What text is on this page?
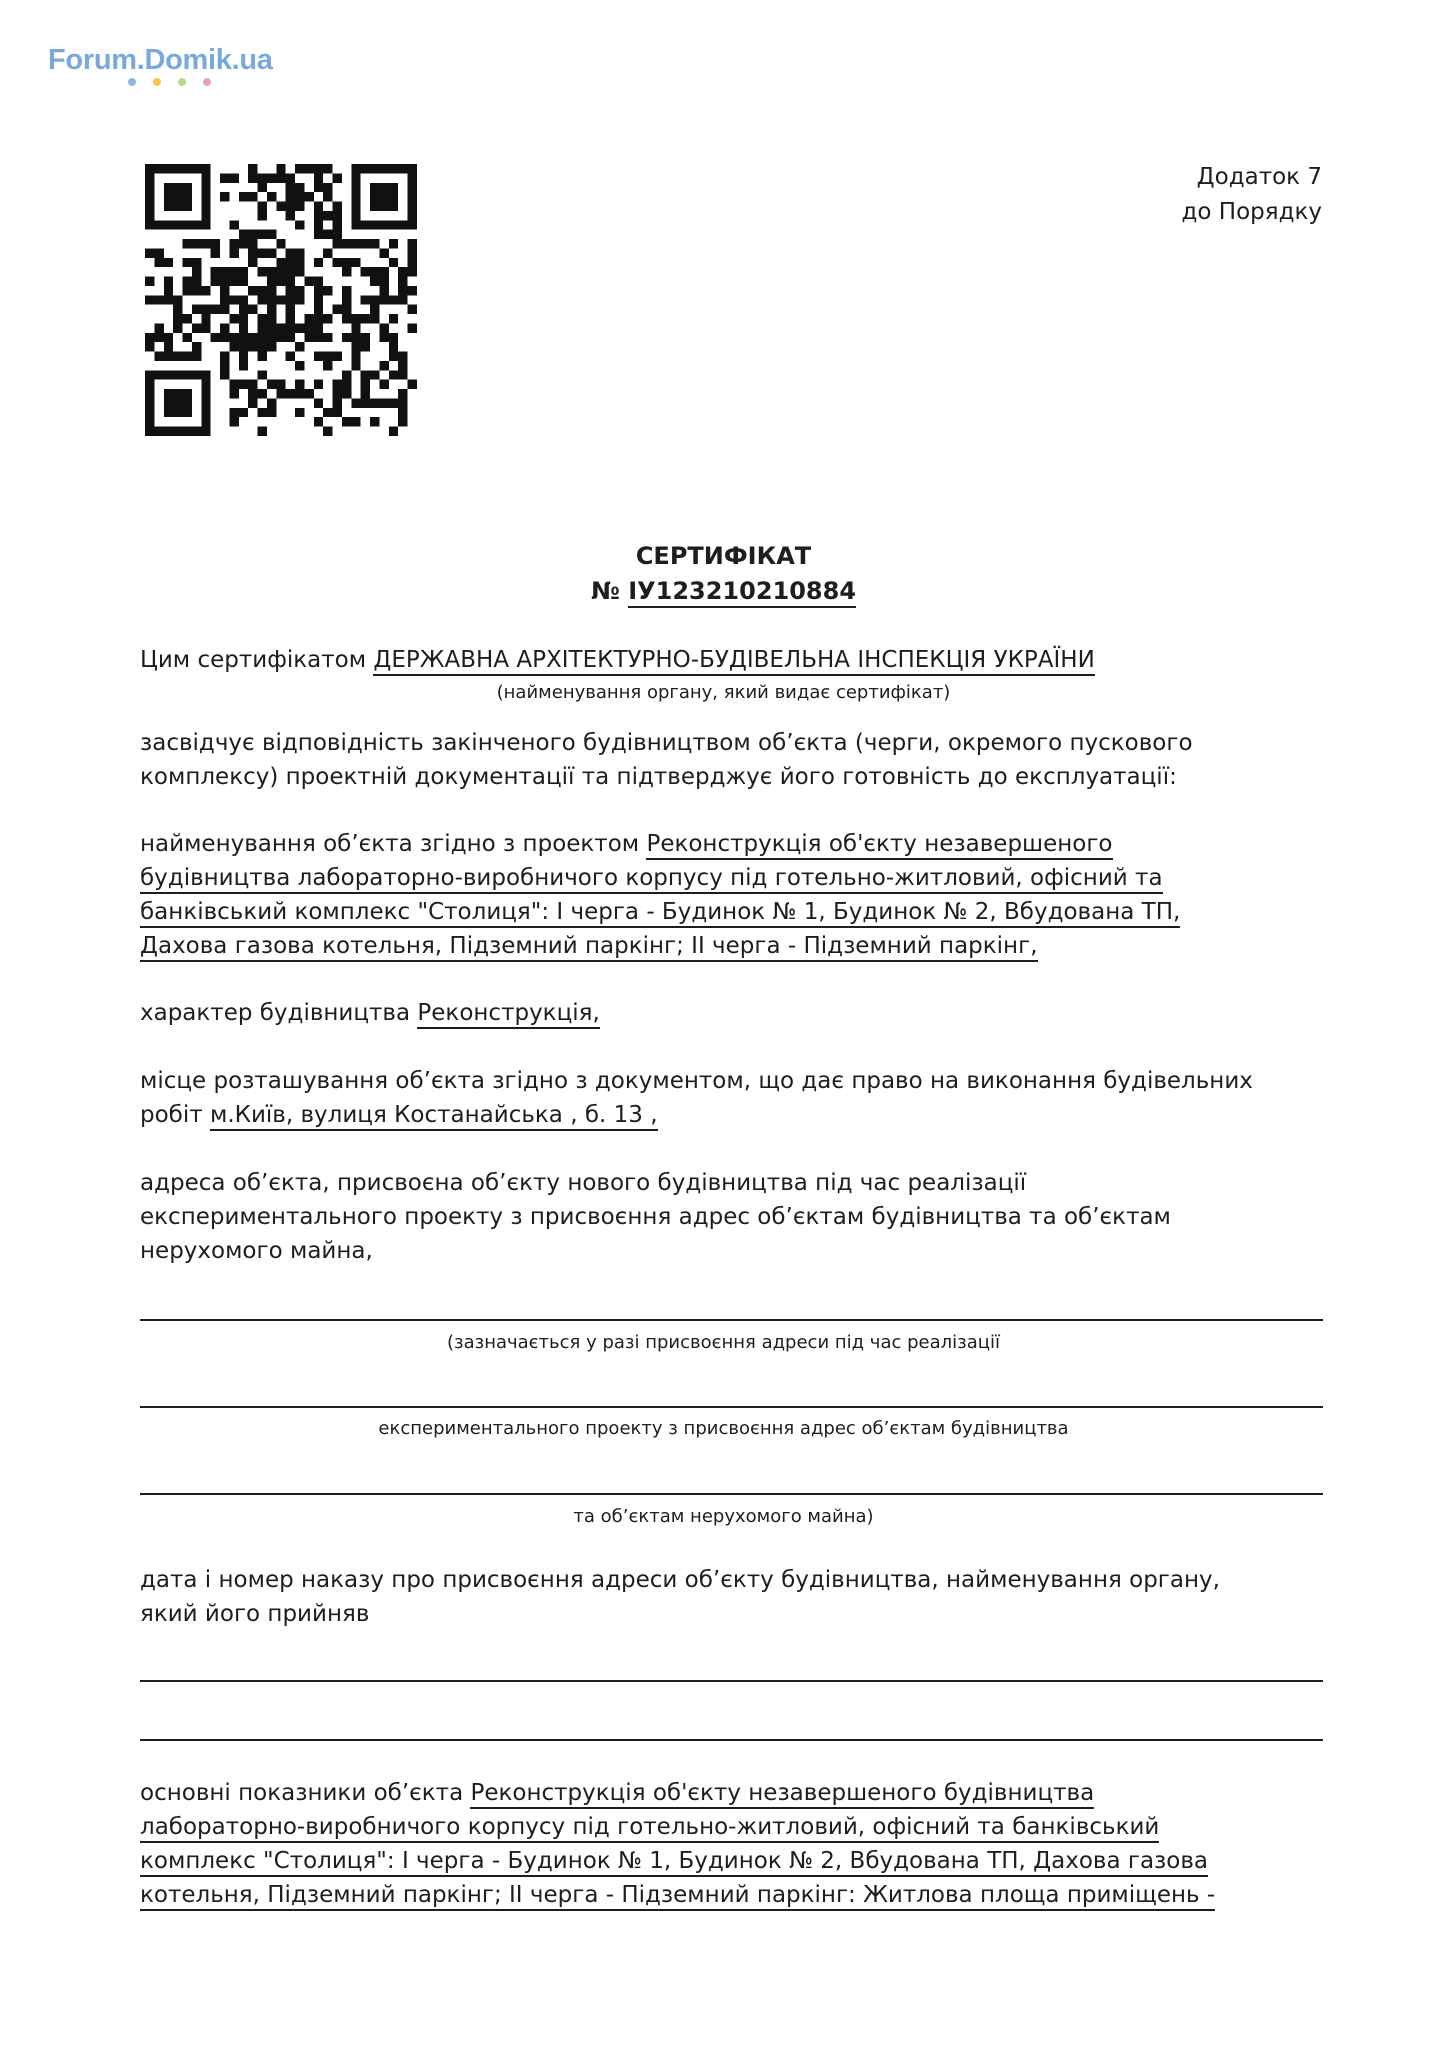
Forum.Domik.ua
Додаток 7
до Порядку
СЕРТИФІКАТ
№ ІУ123210210884
Цим сертифікатом ДЕРЖАВНА АРХІТЕКТУРНО-БУДІВЕЛЬНА ІНСПЕКЦІЯ УКРАЇНИ
(найменування органу, який видає сертифікат)
засвідчує відповідність закінченого будівництвом об’єкта (черги, окремого пускового
комплексу) проектній документації та підтверджує його готовність до експлуатації:
найменування об’єкта згідно з проектом Реконструкція об'єкту незавершеного
будівництва лабораторно-виробничого корпусу під готельно-житловий, офісний та
банківський комплекс "Столиця": І черга - Будинок № 1, Будинок № 2, Вбудована ТП,
Дахова газова котельня, Підземний паркінг; ІІ черга - Підземний паркінг,
характер будівництва Реконструкція,
місце розташування об’єкта згідно з документом, що дає право на виконання будівельних
робіт м.Київ, вулиця Костанайська , б. 13 ,
адреса об’єкта, присвоєна об’єкту нового будівництва під час реалізації
експериментального проекту з присвоєння адрес об’єктам будівництва та об’єктам
нерухомого майна,
(зазначається у разі присвоєння адреси під час реалізації
експериментального проекту з присвоєння адрес об’єктам будівництва
та об’єктам нерухомого майна)
дата і номер наказу про присвоєння адреси об’єкту будівництва, найменування органу,
який його прийняв
основні показники об’єкта Реконструкція об'єкту незавершеного будівництва
лабораторно-виробничого корпусу під готельно-житловий, офісний та банківський
комплекс "Столиця": І черга - Будинок № 1, Будинок № 2, Вбудована ТП, Дахова газова
котельня, Підземний паркінг; ІІ черга - Підземний паркінг: Житлова площа приміщень -
